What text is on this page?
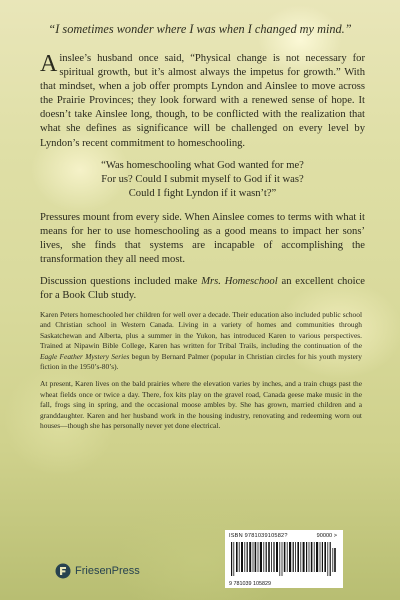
“I sometimes wonder where I was when I changed my mind.”

Ainslee’s husband once said, “Physical change is not necessary for spiritual growth, but it’s almost always the impetus for growth.” With that mindset, when a job offer prompts Lyndon and Ainslee to move across the Prairie Provinces; they look forward with a renewed sense of hope. It doesn’t take Ainslee long, though, to be conflicted with the realization that what she defines as significance will be challenged on every level by Lyndon’s recent commitment to homeschooling.

“Was homeschooling what God wanted for me?
For us? Could I submit myself to God if it was?
Could I fight Lyndon if it wasn’t?”

Pressures mount from every side. When Ainslee comes to terms with what it means for her to use homeschooling as a good means to impact her sons’ lives, she finds that systems are incapable of accomplishing the transformation they all need most.

Discussion questions included make Mrs. Homeschool an excellent choice for a Book Club study.

Karen Peters homeschooled her children for well over a decade. Their education also included public school and Christian school in Western Canada. Living in a variety of homes and communities through Saskatchewan and Alberta, plus a summer in the Yukon, has introduced Karen to various perspectives. Trained at Nipawin Bible College, Karen has written for Tribal Trails, including the continuation of the Eagle Feather Mystery Series begun by Bernard Palmer (popular in Christian circles for his youth mystery fiction in the 1950’s-80’s).

At present, Karen lives on the bald prairies where the elevation varies by inches, and a train chugs past the wheat fields once or twice a day. There, fox kits play on the gravel road, Canada geese make music in the fall, frogs sing in spring, and the occasional moose ambles by. She has grown, married children and a granddaughter. Karen and her husband work in the housing industry, renovating and redeeming worn out houses—though she has personally never yet done electrical.

ISBN 978103910582?	90000 >
9 781039 105829
FriesenPress
